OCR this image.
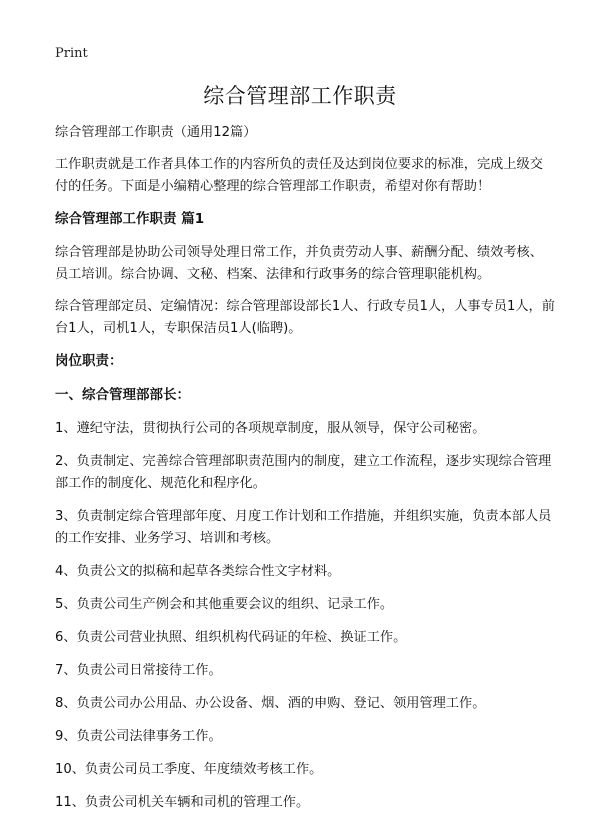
Print
综合管理部工作职责
综合管理部工作职责（通用12篇）
工作职责就是工作者具体工作的内容所负的责任及达到岗位要求的标准，完成上级交付的任务。下面是小编精心整理的综合管理部工作职责，希望对你有帮助！
综合管理部工作职责 篇1
综合管理部是协助公司领导处理日常工作，并负责劳动人事、薪酬分配、绩效考核、员工培训。综合协调、文秘、档案、法律和行政事务的综合管理职能机构。
综合管理部定员、定编情况：综合管理部设部长1人、行政专员1人，人事专员1人，前台1人，司机1人，专职保洁员1人(临聘)。
岗位职责：
一、综合管理部部长：
1、遵纪守法，贯彻执行公司的各项规章制度，服从领导，保守公司秘密。
2、负责制定、完善综合管理部职责范围内的制度，建立工作流程，逐步实现综合管理部工作的制度化、规范化和程序化。
3、负责制定综合管理部年度、月度工作计划和工作措施，并组织实施，负责本部人员的工作安排、业务学习、培训和考核。
4、负责公文的拟稿和起草各类综合性文字材料。
5、负责公司生产例会和其他重要会议的组织、记录工作。
6、负责公司营业执照、组织机构代码证的年检、换证工作。
7、负责公司日常接待工作。
8、负责公司办公用品、办公设备、烟、酒的申购、登记、领用管理工作。
9、负责公司法律事务工作。
10、负责公司员工季度、年度绩效考核工作。
11、负责公司机关车辆和司机的管理工作。
